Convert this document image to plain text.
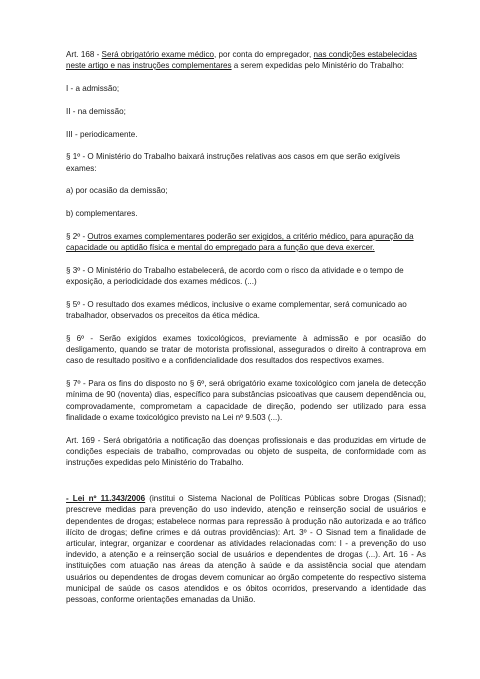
Art. 168 - Será obrigatório exame médico, por conta do empregador, nas condições estabelecidas neste artigo e nas instruções complementares a serem expedidas pelo Ministério do Trabalho:

I - a admissão;

II - na demissão;

III - periodicamente.

§ 1º - O Ministério do Trabalho baixará instruções relativas aos casos em que serão exigíveis exames:

a) por ocasião da demissão;

b) complementares.

§ 2º - Outros exames complementares poderão ser exigidos, a critério médico, para apuração da capacidade ou aptidão física e mental do empregado para a função que deva exercer.

§ 3º - O Ministério do Trabalho estabelecerá, de acordo com o risco da atividade e o tempo de exposição, a periodicidade dos exames médicos. (...)

§ 5º - O resultado dos exames médicos, inclusive o exame complementar, será comunicado ao trabalhador, observados os preceitos da ética médica.

§ 6º - Serão exigidos exames toxicológicos, previamente à admissão e por ocasião do desligamento, quando se tratar de motorista profissional, assegurados o direito à contraprova em caso de resultado positivo e a confidencialidade dos resultados dos respectivos exames.

§ 7º - Para os fins do disposto no § 6º, será obrigatório exame toxicológico com janela de detecção mínima de 90 (noventa) dias, específico para substâncias psicoativas que causem dependência ou, comprovadamente, comprometam a capacidade de direção, podendo ser utilizado para essa finalidade o exame toxicológico previsto na Lei nº 9.503 (...).

Art. 169 - Será obrigatória a notificação das doenças profissionais e das produzidas em virtude de condições especiais de trabalho, comprovadas ou objeto de suspeita, de conformidade com as instruções expedidas pelo Ministério do Trabalho.

- Lei nº 11.343/2006 (institui o Sistema Nacional de Políticas Públicas sobre Drogas (Sisnad); prescreve medidas para prevenção do uso indevido, atenção e reinserção social de usuários e dependentes de drogas; estabelece normas para repressão à produção não autorizada e ao tráfico ilícito de drogas; define crimes e dá outras providências): Art. 3º - O Sisnad tem a finalidade de articular, integrar, organizar e coordenar as atividades relacionadas com: I - a prevenção do uso indevido, a atenção e a reinserção social de usuários e dependentes de drogas (...). Art. 16 - As instituições com atuação nas áreas da atenção à saúde e da assistência social que atendam usuários ou dependentes de drogas devem comunicar ao órgão competente do respectivo sistema municipal de saúde os casos atendidos e os óbitos ocorridos, preservando a identidade das pessoas, conforme orientações emanadas da União.
